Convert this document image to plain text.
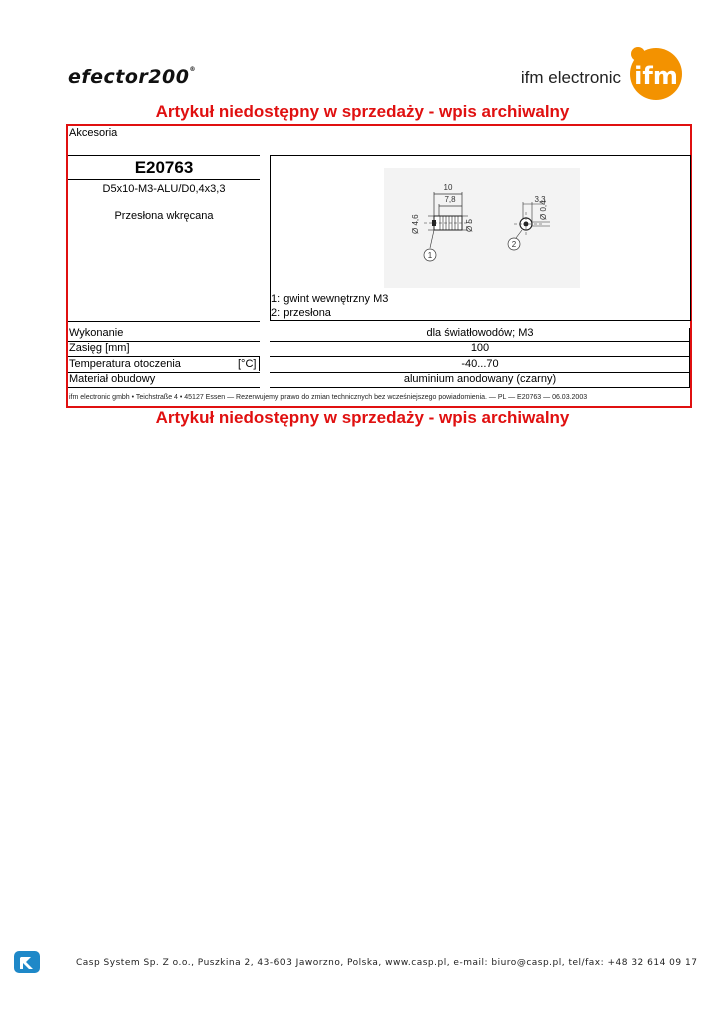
efector200®	ifm electronic ifm
Artykuł niedostępny w sprzedaży - wpis archiwalny
Akcesoria
E20763
D5x10-M3-ALU/D0,4x3,3
Przesłona wkręcana
10
7,8
Ø 4,6	Ø 5
1
3,3
Ø 0,4
2
1: gwint wewnętrzny M3
2: przesłona
Wykonanie	dla światłowodów; M3
Zasięg [mm]	100
Temperatura otoczenia	[°C]	-40...70
Materiał obudowy	aluminium anodowany (czarny)
ifm electronic gmbh • Teichstraße 4 • 45127 Essen — Rezerwujemy prawo do zmian technicznych bez wcześniejszego powiadomienia. — PL — E20763 — 06.03.2003
Artykuł niedostępny w sprzedaży - wpis archiwalny
Casp System Sp. Z o.o., Puszkina 2, 43-603 Jaworzno, Polska, www.casp.pl, e-mail: biuro@casp.pl, tel/fax: +48 32 614 09 17
